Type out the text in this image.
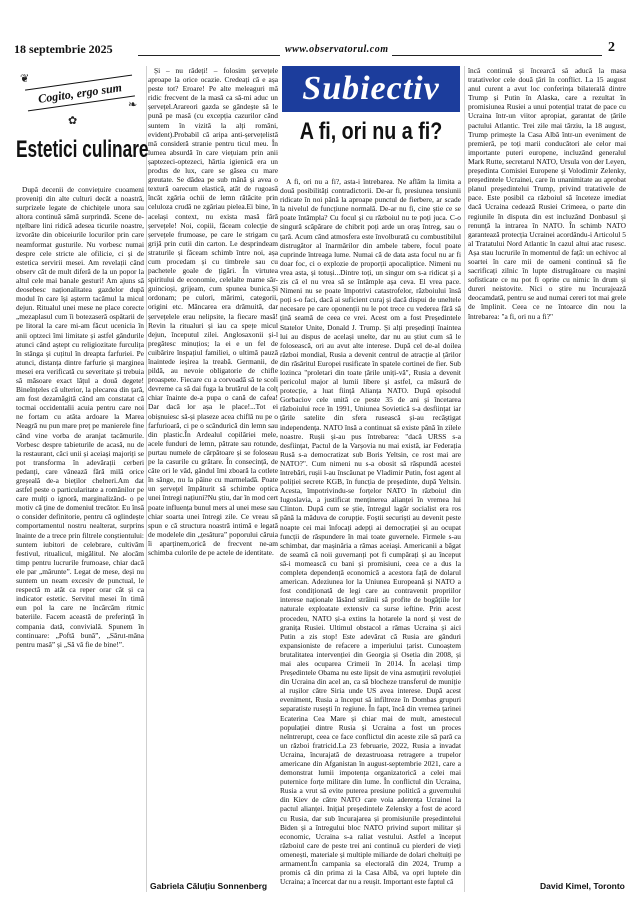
18 septembrie 2025	www.observatorul.com	2
❦
❧
Cogito, ergo sum
✿
Estetici culinare

După decenii de conviețuire cuoameni proveniți din alte culturi decât a noastră, surprizele legate de chichițele unora sau altora continuă sămă surprindă. Scene de-nțelbare lini ridică adesea ticurile noastre, izvorâte din obiceiurile locurilor prin care neamformat gusturile. Nu vorbesc numai despre cele stricte ale ofilicie, ci și de estetica servirii mesei. Am revelații când observ căt de mult diferă de la un popor la altul cele mai banale gesturi! Am ajuns să deosebesc naționalitatea gazdelor după modul în care își așterm tacâmul la micul dejun. Ritualul unei mese ne place corecte „mezaplasul cum îi botezaseră ospătarii de pe litoral la care mi-am făcut ucenicia în anii optzeci îmi limitate și astfel gândurile atunci când aștept cu religiozitate furculița în stânga și cuțitul în dreapta farfuriei. Pe atunci, distanța dintre farfurie și marginea mesei era verificată cu severitate și trebuia să măsoare exact lățul a două degete! Bineînțeles că ulterior, la plecarea din țară, am fost dezamăgită când am constatat că tocmai occidentalii acuia pentru care noi ne fortam cu atâta ardoare la Marea Neagră nu pun mare preț pe manierele fine când vine vorba de aranjat tacâmurile. Vorbesc despre tabieturile de acasă, nu de la restaurant, căci unii și aceiași majoriți se pot transforma în adevărații cerberi pedanți, care vânează fără milă orice greșeală de-a bieților chelneri.Am dat astfel peste o particularitate a românilor pe care mulți o ignoră, marginalizând- o pe motiv că ține de domeniul trecător. Eu însă o consider definitorie, pentru că oglindește comportamentul nostru nealterat, surprins înainte de a trece prin filtrele conștientului: suntem iubitori de celebrare, cultivăm festivul, ritualicul, migălitul. Ne alocăm timp pentru lucrurile frumoase, chiar dacă ele par „mărunte”. Legat de mese, deși nu suntem un neam excesiv de punctual, le respectă m atât ca reper orar cât și ca indicator estetic. Servitul mesei în timă eun pol la care ne încărcăm ritmic bateriile. Facem această de preferință în compania dată, convivială. Spunem în continuare: „Poftă bună”, „Sărut-mâna pentru masă” și „Să vă fie de bine!”.

Și – nu râdeți! – folosim șervețele aproape la orice ocazie. Credeați că e așa peste tot? Eroare! Pe alte meleaguri mă ridic frecvent de la masă ca să-mi aduc un șervețel.Arareori gazda se gândește să le pună pe masă (cu excepția cazurilor când suntem în vizită la alți români, evident).Probabil că aripa anti-șervețelistă mă consideră stranie pentru ticul meu. În lumea absurdă în care viețuiam prin anii șaptezeci-optezeci, hârtia igienică era un produs de lux, care se găsea cu mare greutate. Se dădea pe sub mână și avea o textură oarecum elastică, atât de rugoasă încât zgâria ochii de lemn rătăcite prin celuloza crudă ne zgâriau pielea.Ei bine, în același context, nu exista masă fără șervețele! Noi, copiii, făceam colecție de șervețele frumoase, pe care le strigam cu grijă prin cutii din carton. Le desprindeam straturile și făceam schimb între noi, așa cum procedam și cu timbrele sau cu pachetele goale de țigări. În virtutea spiritului de economie, celelalte mame săr-guincioși, grijeam, cum spunea bunica.Și ordonam; pe culori, mărimi, categorii, origini etc. Mâncarea era drămuită, dar șervețelele erau nelipsite, la fiecare masă! Revin la ritualuri și iau ca spețe micul dejun, începutul zilei. Anglosaxonii și-l pregătesc minuțios; la ei e un fel de cuibărire înspațiul familiei, o ultimă pauză înaintede ieșirea la treabă. Germanii, de pildă, au nevoie obligatorie de chifle proaspete. Fiecare cu a corvoadă să te scoli devreme ca să dai fuga la brutărul de la colț chiar înainte de-a pupa o cană de cafea! Dar dacă lor așa le place!...Tot ei obișnuiesc să-și plaseze acea chiflă nu pe o farfurioară, ci pe o scândurică din lemn sau din plastic.În Ardealul copilăriei mele, acele funduri de lemn, pătrate sau rotunde, purtau numele de cărpătoare și se foloseau pe la casurile cu grătare. În consecință, de câte ori le văd, gândul îmi zboară la cotlete în sânge, nu la pâine cu marmeladă. Poate un șervețel împăturit să schimbe optica unei întregi națiuni?Nu știu, dar în mod cert poate influența bunul mers al unei mese sau chiar soarta unei întregi zile. Ce vreau să spun e că structura noastră intimă e legată de modelele din „țesătura” poporului căruia îi aparținem,orică de frecvent ne-am schimba culorile de pe actele de identitate.

Gabriela Căluțiu Sonnenberg
Subiectiv
A fi, ori nu a fi?

A fi, ori nu a fi?, asta-i întrebarea. Ne aflăm la limita a două posibilități contradictorii. De-ar fi, presiunea tensiunii ridicate în noi până la aproape punctul de fierbere, ar scade la nivelul de funcțiune normală. De-ar nu fi, cine știe ce se poate întâmpla? Cu focul și cu războiul nu te poți juca. C-o singură scăpărare de chibrit poți arde un oraș întreg, sau o țară. Acum când atmosfera este învolburată cu combustibilul distrugător al înarmărilor din ambele tabere, focul poate cuprinde întreaga lume. Numai că de data asta focul nu ar fi doar foc, ci o explozie de proporții apocaliptice. Nimeni nu vrea asta, și totuși...Dintre toți, un singur om s-a ridicat și a zis că el nu vrea să se întâmple așa ceva. El vrea pace. Nimeni nu se poate împotrivi catastrofelor, războiului însă poți s-o faci, dacă ai suficient curaj și dacă dispui de uneltele necesare pe care oponenții nu le pot trece cu vederea fără să țină seamă de ceea ce vrei. Acest om a fost Președintele Statelor Unite, Donald J. Trump. Și alți președinți înaintea lui au dispus de același unelte, dar nu au știut cum să le folosească, ori au avut alte interese. După cel de-al doilea război mondial, Rusia a devenit centrul de atracție al țărilor din răsăritul Europei rusificate în spatele cortinei de fier. Sub lozinca "proletari din toate țările uniți-vă", Rusia a devenit pericolul major al lumii libere și astfel, ca măsură de protecție, a luat ființă Alianța NATO. După episodul Gorbaciov cele unită ce peste 35 de ani și încetarea războiului rece în 1991, Uniunea Sovietică s-a desființat iar țările satelite din sfera rusească și-au recâștigat independența. NATO însă a continuat să existe până în zilele noastre. Rușii și-au pus întrebarea: "dacă URSS s-a desființat, Pactul de la Varșovia nu mai există, iar Federația Rusă s-a democratizat sub Boris Yeltsin, ce rost mai are NATO?". Cum nimeni nu s-a obosit să răspundă acestei întrebări, rușii l-au înscăunat pe Vladimir Putin, fost agent al poliției secrete KGB, în funcția de președinte, după Yeltsin. Acesta, împotrivindu-se forțelor NATO în războiul din Iugoslavia, a justificat menținerea alianței în vremea lui Clinton. După cum se știe, întregul lagăr socialist era ros până la măduva de corupție. Foștii securiști au devenit peste noapte cei mai înfocați adepți ai democrației și au ocupat funcții de răspundere în mai toate guvernele. Firmele s-au schimbat, dar mașinăria a rămas aceiași. Americanii a băgat de seamă că noii guvernanți pot fi cumpărați și au început să-i momească cu bani și promisiuni, ceea ce a dus la completa dependență economică a acestora față de dolarul american. Adeziunea lor la Uniunea Europeană și NATO a fost condiționată de legi care au contravenit propriilor interese naționale lăsând străinii să profite de bogățiile lor naturale exploatate extensiv ca surse ieftine. Prin acest procedeu, NATO și-a extins la hotarele la nord și vest de granița Rusiei. Ultimul obstacol a rămas Ucraina și aici Putin a zis stop! Este adevărat că Rusia are gânduri expansioniste de refacere a imperiului țarist. Cunoaștem brutalitatea intervenției din Georgia și Osetia din 2008, și mai ales ocuparea Crimeii în 2014. În același timp Președintele Obama nu este lipsit de vina asmuțirii revoluției din Ucraina din acel an, ca să blocheze transferul de muniție al rușilor către Siria unde US avea interese. După acest eveniment, Rusia a început să infiltreze în Dombas grupuri separatiste ruseşti în regiune. În fapt, încă din vremea țarinei Ecaterina Cea Mare și chiar mai de mult, amestecul populației dintre Rusia și Ucraina a fost un proces neîntrerupt, ceea ce face conflictul din aceste zile să pară ca un război fratricid.La 23 februarie, 2022, Rusia a invadat Ucraina, încurajată de dezastruoasa retragere a trupelor americane din Afganistan în august-septembrie 2021, care a demonstrat lumii impotența organizatorică a celei mai puternice forțe militare din lume. În conflictul din Ucraina, Rusia a vrut să evite puterea presiune politică a guvernului din Kiev de către NATO care voia aderența Ucrainei la pactul alianței. Inițial președintele Zelensky a fost de acord cu Rusia, dar sub încurajarea și promisiunile președintelui Biden și a întregului bloc NATO privind suport militar și economic, Ucraina s-a raliat vestului. Astfel a început războiul care de peste trei ani continuă cu pierderi de vieți omenești, materiale și multiple miliarde de dolari cheltuiți pe armament.În campania sa electorală din 2024, Trump a promis că din prima zi la Casa Albă, va opri luptele din Ucraina; a încercat dar nu a reușit. Important este faptul că

încă continuă și încearcă să aducă la masa tratativelor cele două țări în conflict. La 15 august anul curent a avut loc conferința bilaterală dintre Trump și Putin în Alaska, care a rezultat în promisiunea Rusiei a unui potențial tratat de pace cu Ucraina într-un viitor apropiat, garantat de țările pactului Atlantic. Trei zile mai târziu, la 18 august, Trump primește la Casa Albă într-un eveniment de premieră, pe toți marii conducători ale celor mai importante puteri europene, incluzând generalul Mark Rutte, secretarul NATO, Ursula von der Leyen, președinta Comisiei Europene și Volodimir Zelenky, președintele Ucrainei, care în unanimitate au aprobat planul președintelui Trump, privind tratativele de pace. Este posibil ca războiul să înceteze imediat dacă Ucraina cedează Rusiei Crimeea, o parte din regiunile în disputa din est incluzând Donbasul și renunță la intrarea în NATO. În schimb NATO garantează protecția Ucrainei acordându-i Articolul 5 al Tratatului Nord Atlantic în cazul altui atac rusesc. Așa stau lucrurile în momentul de față: un echivoc al soartei în care mii de oameni continuă să fie sacrificați zilnic în lupte distrugătoare cu mașini sofisticate ce nu pot fi oprite cu nimic în drum și dureri neistovite. Nici o știre nu încurajează deocamdată, pentru se aud numai cereri tot mai grele de împlinit. Ceea ce ne întoarce din nou la întrebarea: "a fi, ori nu a fi?"

David Kimel, Toronto
